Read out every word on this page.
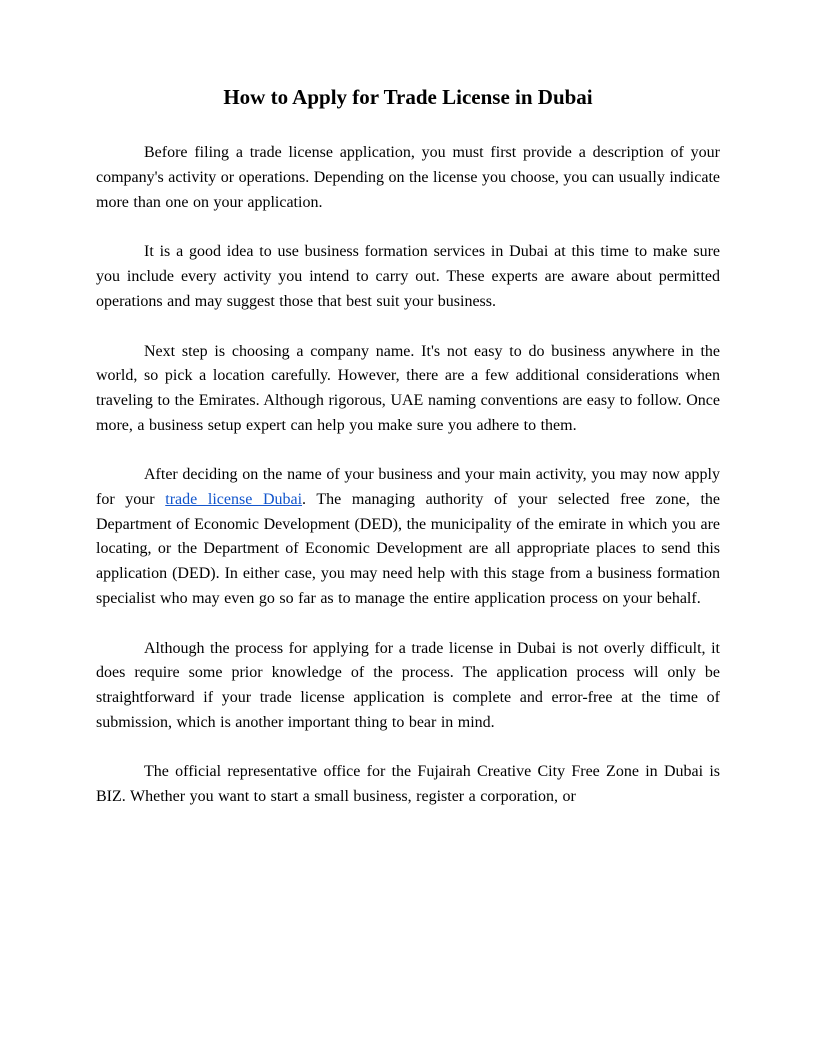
How to Apply for Trade License in Dubai

Before filing a trade license application, you must first provide a description of your company's activity or operations. Depending on the license you choose, you can usually indicate more than one on your application.

It is a good idea to use business formation services in Dubai at this time to make sure you include every activity you intend to carry out. These experts are aware about permitted operations and may suggest those that best suit your business.

Next step is choosing a company name. It's not easy to do business anywhere in the world, so pick a location carefully. However, there are a few additional considerations when traveling to the Emirates. Although rigorous, UAE naming conventions are easy to follow. Once more, a business setup expert can help you make sure you adhere to them.

After deciding on the name of your business and your main activity, you may now apply for your trade license Dubai. The managing authority of your selected free zone, the Department of Economic Development (DED), the municipality of the emirate in which you are locating, or the Department of Economic Development are all appropriate places to send this application (DED). In either case, you may need help with this stage from a business formation specialist who may even go so far as to manage the entire application process on your behalf.

Although the process for applying for a trade license in Dubai is not overly difficult, it does require some prior knowledge of the process. The application process will only be straightforward if your trade license application is complete and error-free at the time of submission, which is another important thing to bear in mind.

The official representative office for the Fujairah Creative City Free Zone in Dubai is BIZ. Whether you want to start a small business, register a corporation, or
